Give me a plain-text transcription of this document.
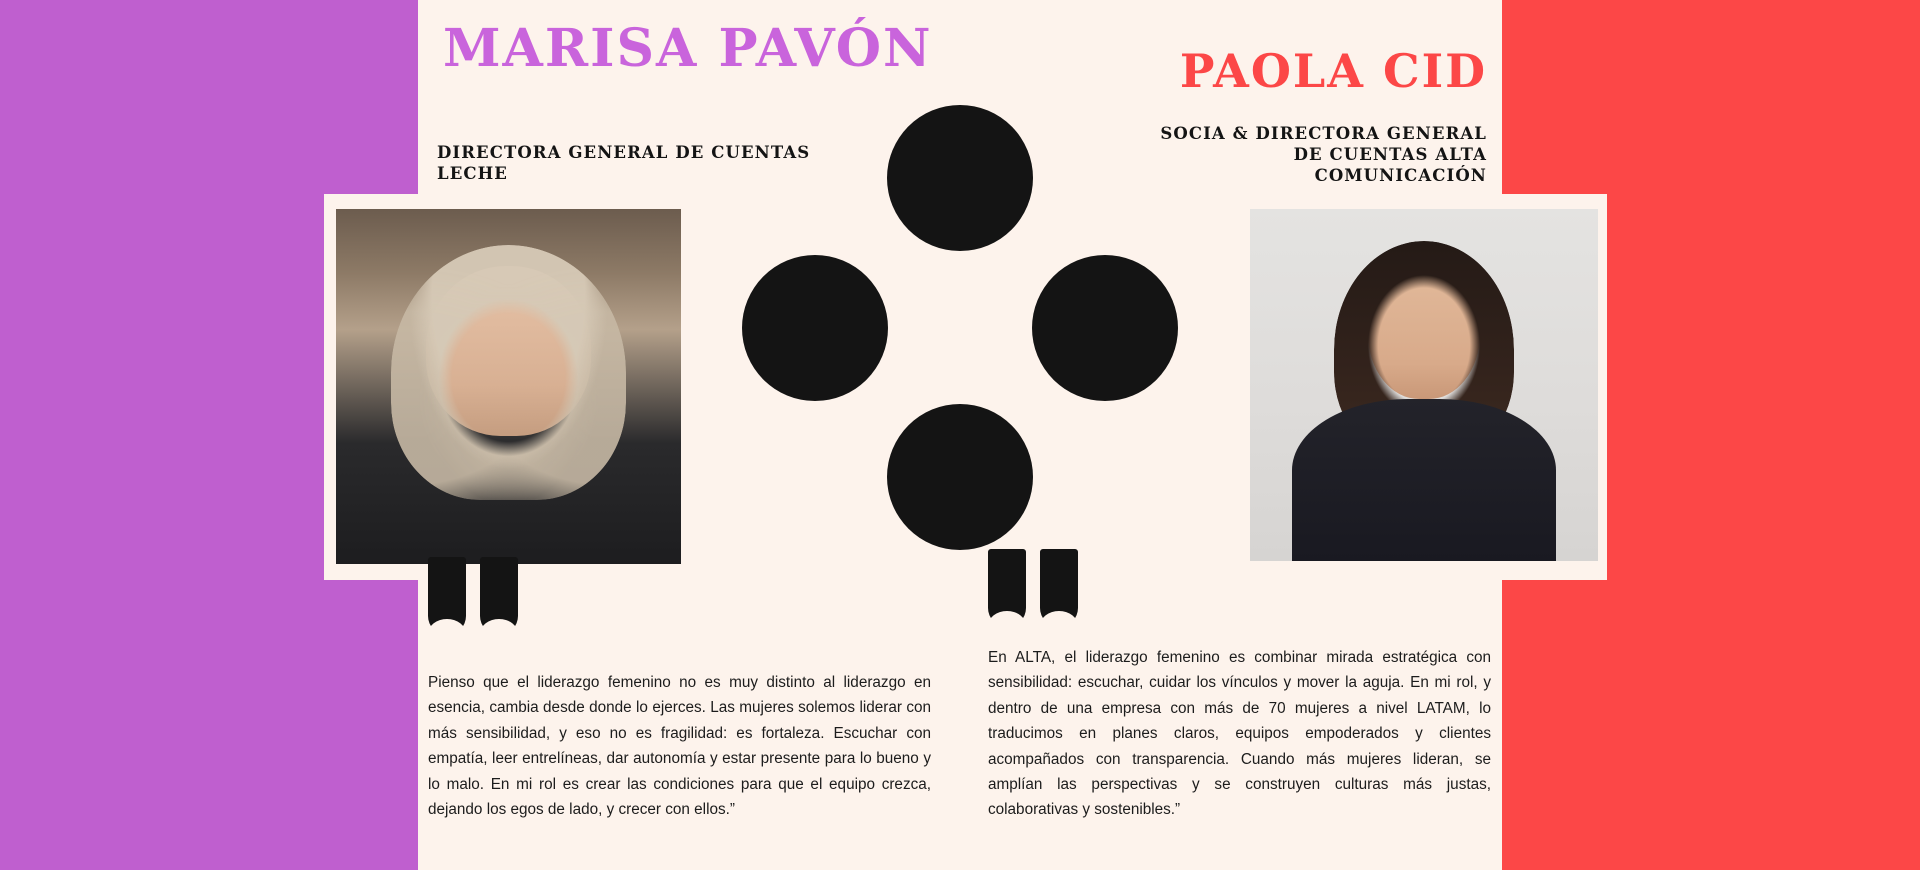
MARISA PAVÓN
DIRECTORA GENERAL DE CUENTAS LECHE
Pienso que el liderazgo femenino no es muy distinto al liderazgo en esencia, cambia desde donde lo ejerces. Las mujeres solemos liderar con más sensibilidad, y eso no es fragilidad: es fortaleza. Escuchar con empatía, leer entrelíneas, dar autonomía y estar presente para lo bueno y lo malo. En mi rol es crear las condiciones para que el equipo crezca, dejando los egos de lado, y crecer con ellos.”
PAOLA CID
SOCIA & DIRECTORA GENERAL DE CUENTAS ALTA COMUNICACIÓN
En ALTA, el liderazgo femenino es combinar mirada estratégica con sensibilidad: escuchar, cuidar los vínculos y mover la aguja. En mi rol, y dentro de una empresa con más de 70 mujeres a nivel LATAM, lo traducimos en planes claros, equipos empoderados y clientes acompañados con transparencia. Cuando más mujeres lideran, se amplían las perspectivas y se construyen culturas más justas, colaborativas y sostenibles.”
